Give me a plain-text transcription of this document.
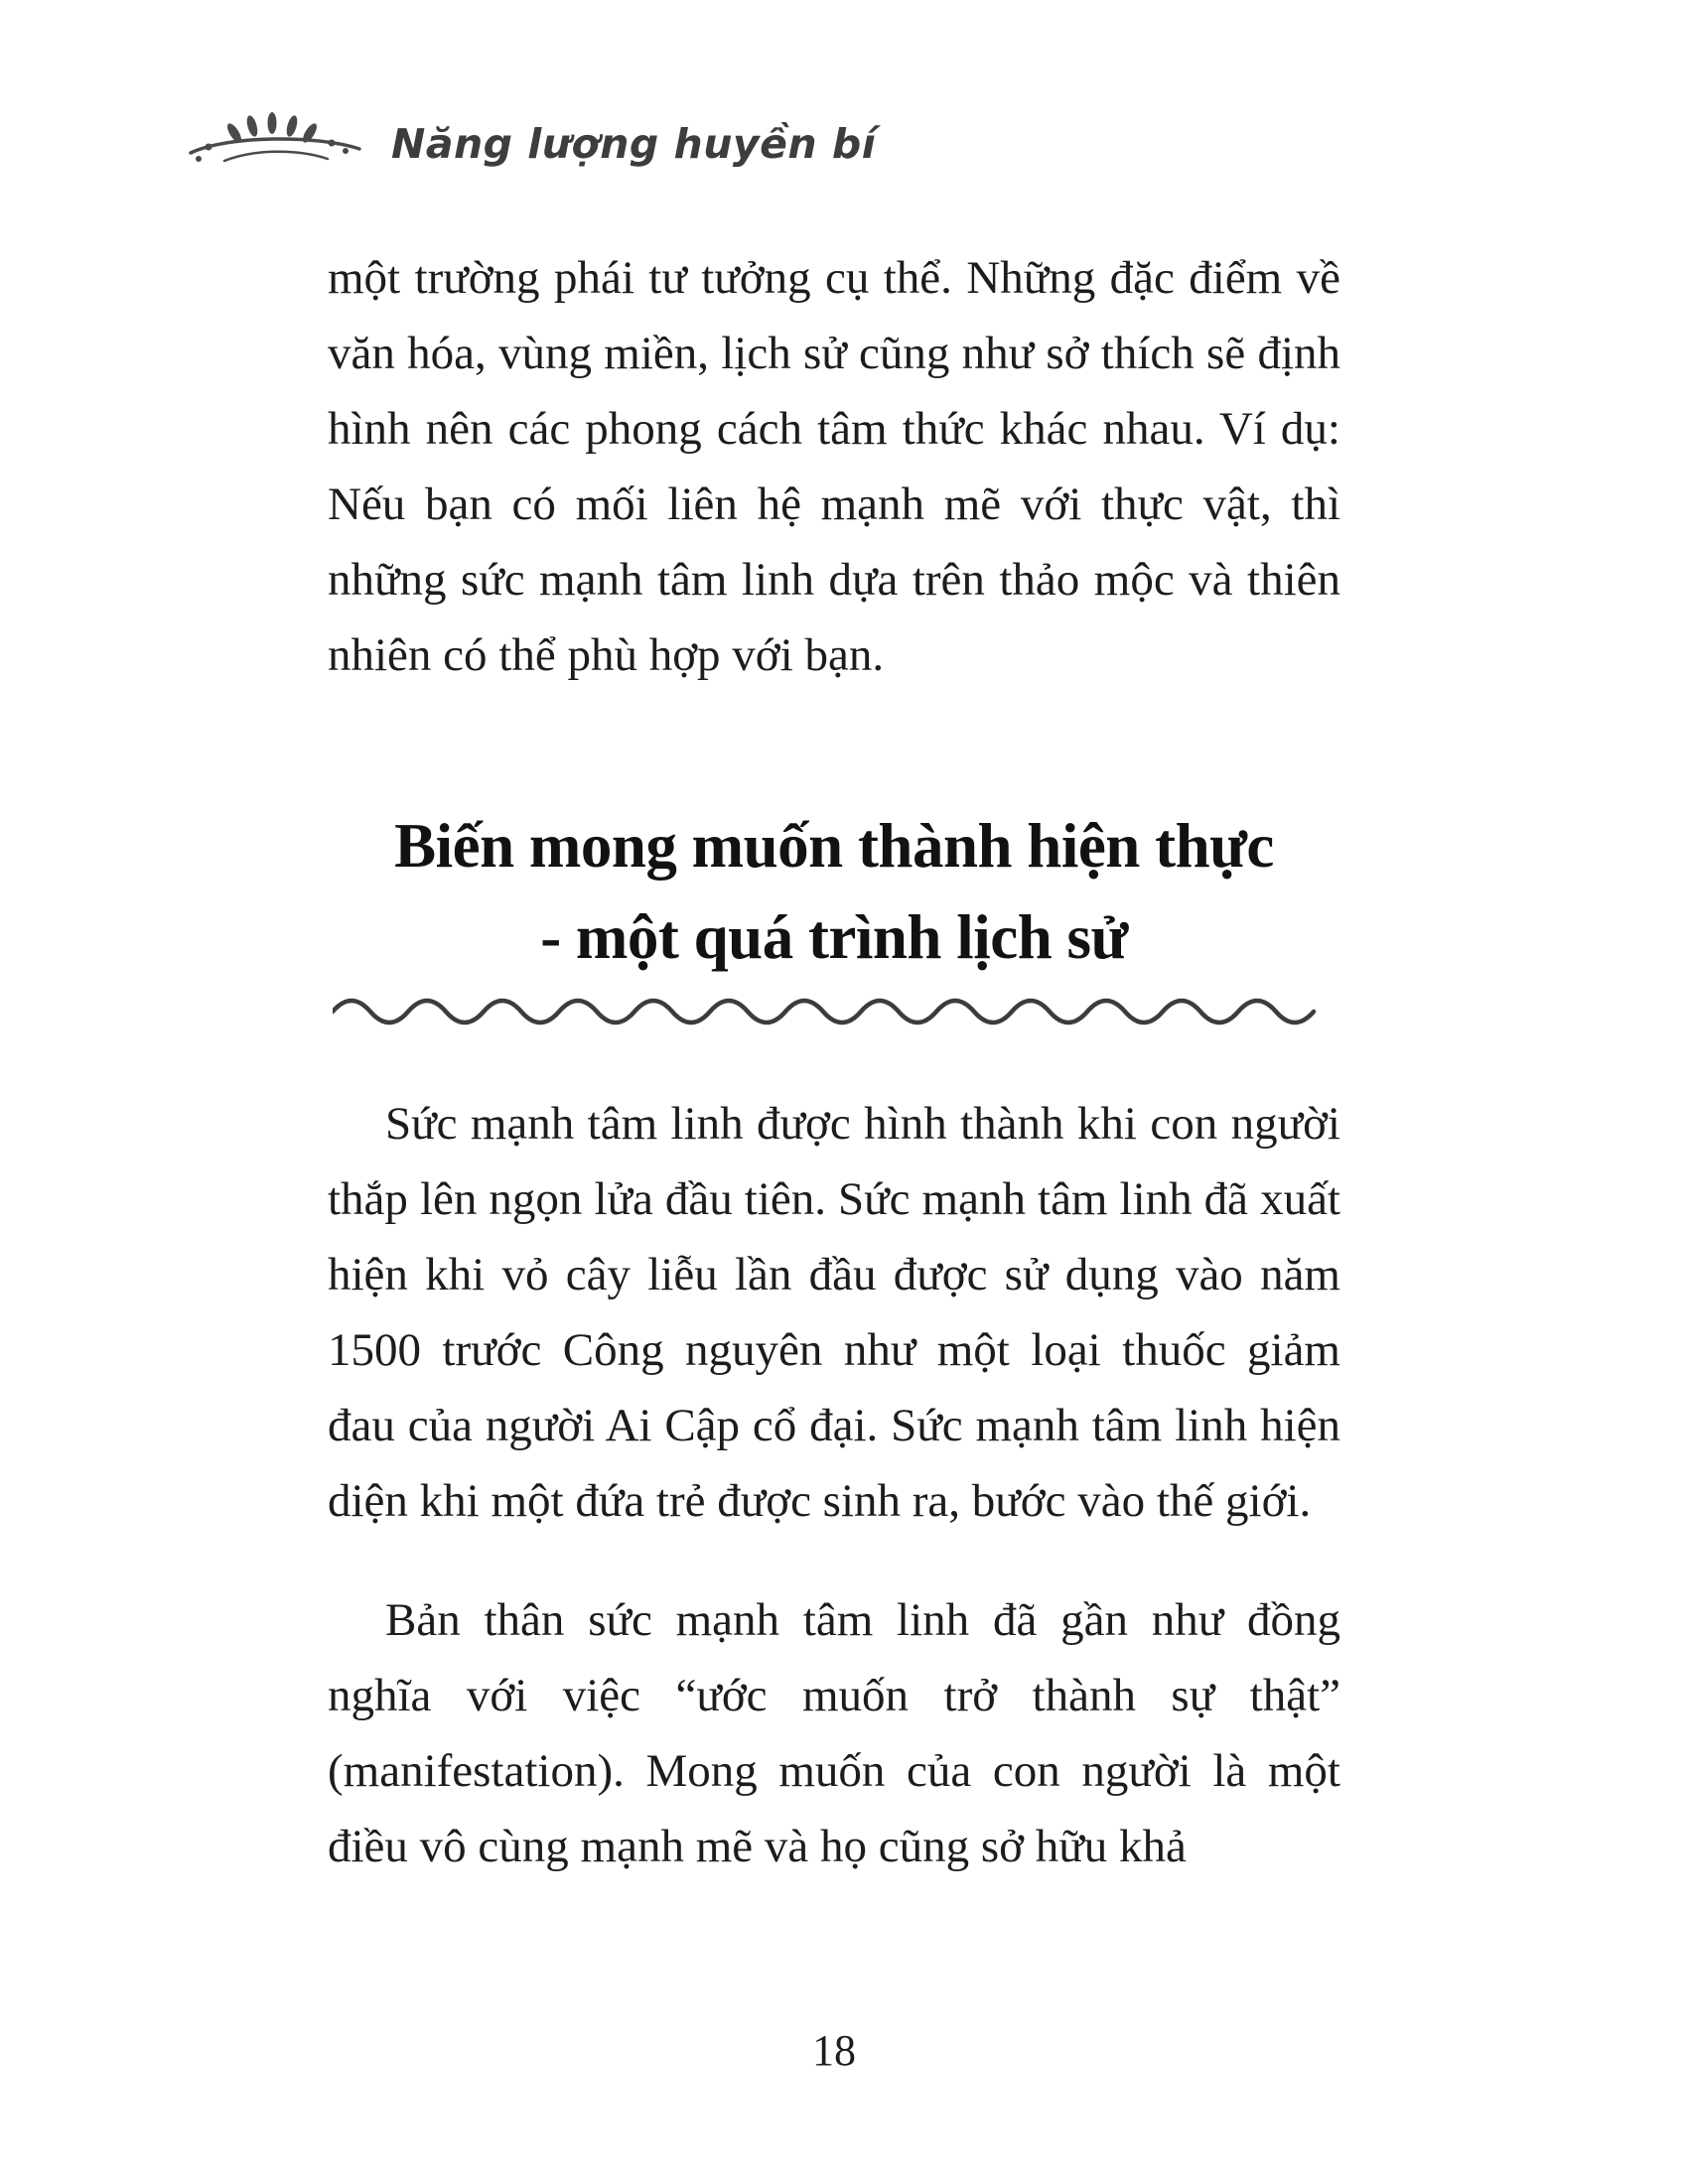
Năng lượng huyền bí

một trường phái tư tưởng cụ thể. Những đặc điểm về văn hóa, vùng miền, lịch sử cũng như sở thích sẽ định hình nên các phong cách tâm thức khác nhau. Ví dụ: Nếu bạn có mối liên hệ mạnh mẽ với thực vật, thì những sức mạnh tâm linh dựa trên thảo mộc và thiên nhiên có thể phù hợp với bạn.

Biến mong muốn thành hiện thực
- một quá trình lịch sử

Sức mạnh tâm linh được hình thành khi con người thắp lên ngọn lửa đầu tiên. Sức mạnh tâm linh đã xuất hiện khi vỏ cây liễu lần đầu được sử dụng vào năm 1500 trước Công nguyên như một loại thuốc giảm đau của người Ai Cập cổ đại. Sức mạnh tâm linh hiện diện khi một đứa trẻ được sinh ra, bước vào thế giới.

Bản thân sức mạnh tâm linh đã gần như đồng nghĩa với việc “ước muốn trở thành sự thật” (manifestation). Mong muốn của con người là một điều vô cùng mạnh mẽ và họ cũng sở hữu khả

18
